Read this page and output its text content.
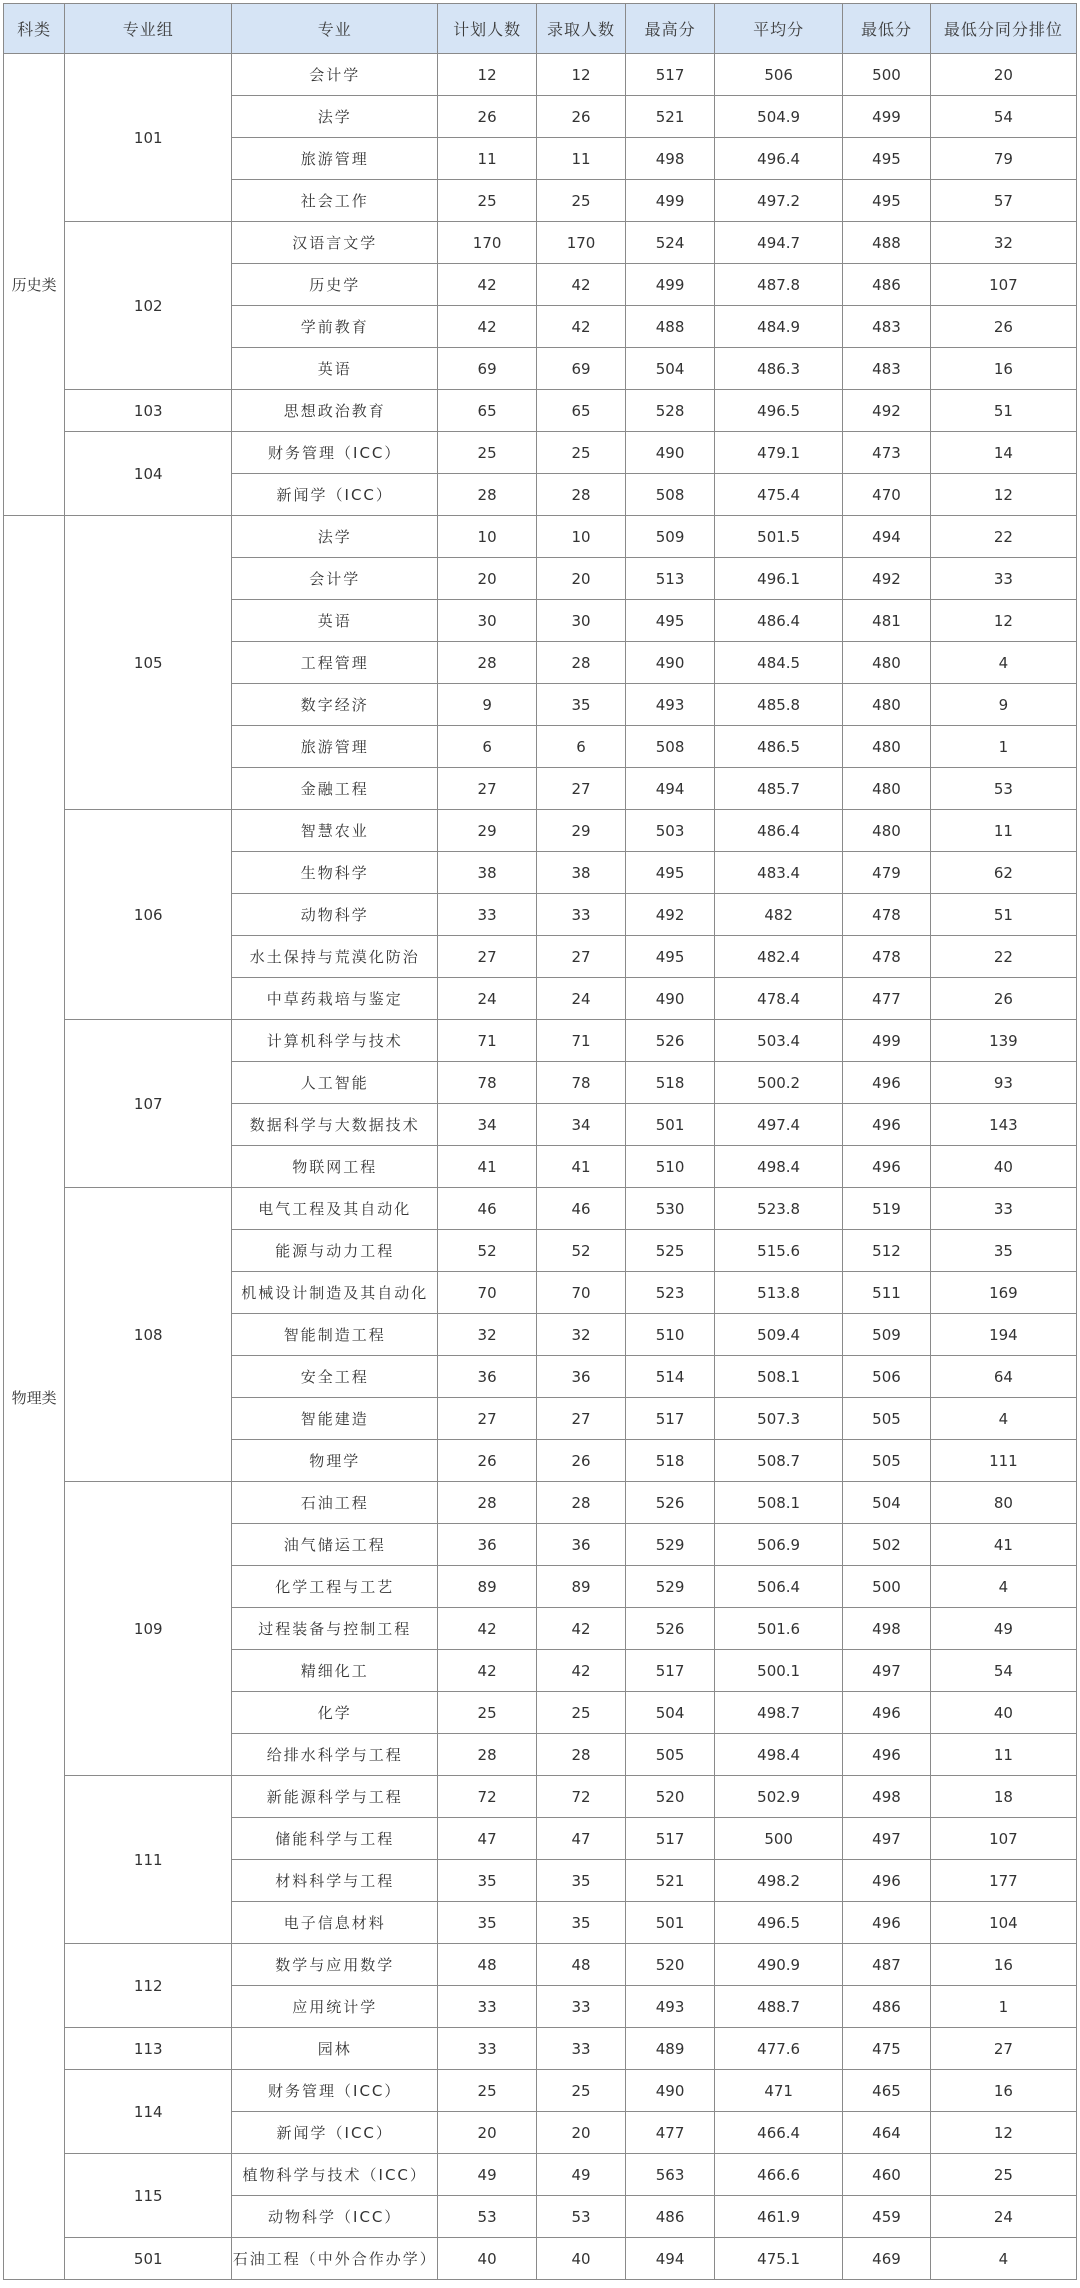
科类	专业组	专业	计划人数	录取人数	最高分	平均分	最低分	最低分同分排位
历史类	101	会计学	12	12	517	506	500	20
		法学	26	26	521	504.9	499	54
		旅游管理	11	11	498	496.4	495	79
		社会工作	25	25	499	497.2	495	57
	102	汉语言文学	170	170	524	494.7	488	32
		历史学	42	42	499	487.8	486	107
		学前教育	42	42	488	484.9	483	26
		英语	69	69	504	486.3	483	16
	103	思想政治教育	65	65	528	496.5	492	51
	104	财务管理（ICC）	25	25	490	479.1	473	14
		新闻学（ICC）	28	28	508	475.4	470	12
物理类	105	法学	10	10	509	501.5	494	22
		会计学	20	20	513	496.1	492	33
		英语	30	30	495	486.4	481	12
		工程管理	28	28	490	484.5	480	4
		数字经济	9	35	493	485.8	480	9
		旅游管理	6	6	508	486.5	480	1
		金融工程	27	27	494	485.7	480	53
	106	智慧农业	29	29	503	486.4	480	11
		生物科学	38	38	495	483.4	479	62
		动物科学	33	33	492	482	478	51
		水土保持与荒漠化防治	27	27	495	482.4	478	22
		中草药栽培与鉴定	24	24	490	478.4	477	26
	107	计算机科学与技术	71	71	526	503.4	499	139
		人工智能	78	78	518	500.2	496	93
		数据科学与大数据技术	34	34	501	497.4	496	143
		物联网工程	41	41	510	498.4	496	40
	108	电气工程及其自动化	46	46	530	523.8	519	33
		能源与动力工程	52	52	525	515.6	512	35
		机械设计制造及其自动化	70	70	523	513.8	511	169
		智能制造工程	32	32	510	509.4	509	194
		安全工程	36	36	514	508.1	506	64
		智能建造	27	27	517	507.3	505	4
		物理学	26	26	518	508.7	505	111
	109	石油工程	28	28	526	508.1	504	80
		油气储运工程	36	36	529	506.9	502	41
		化学工程与工艺	89	89	529	506.4	500	4
		过程装备与控制工程	42	42	526	501.6	498	49
		精细化工	42	42	517	500.1	497	54
		化学	25	25	504	498.7	496	40
		给排水科学与工程	28	28	505	498.4	496	11
	111	新能源科学与工程	72	72	520	502.9	498	18
		储能科学与工程	47	47	517	500	497	107
		材料科学与工程	35	35	521	498.2	496	177
		电子信息材料	35	35	501	496.5	496	104
	112	数学与应用数学	48	48	520	490.9	487	16
		应用统计学	33	33	493	488.7	486	1
	113	园林	33	33	489	477.6	475	27
	114	财务管理（ICC）	25	25	490	471	465	16
		新闻学（ICC）	20	20	477	466.4	464	12
	115	植物科学与技术（ICC）	49	49	563	466.6	460	25
		动物科学（ICC）	53	53	486	461.9	459	24
	501	石油工程（中外合作办学）	40	40	494	475.1	469	4
